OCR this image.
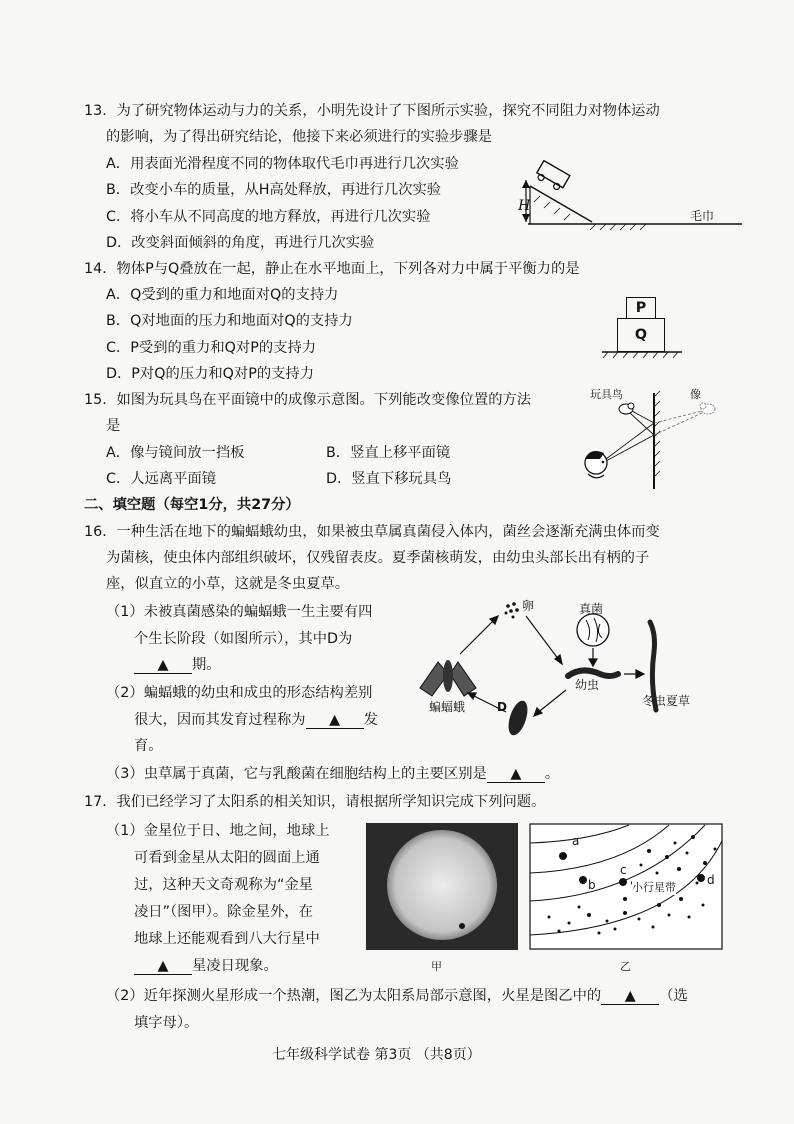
13．为了研究物体运动与力的关系，小明先设计了下图所示实验，探究不同阻力对物体运动
的影响，为了得出研究结论，他接下来必须进行的实验步骤是
A．用表面光滑程度不同的物体取代毛巾再进行几次实验
B．改变小车的质量，从H高处释放，再进行几次实验
C．将小车从不同高度的地方释放，再进行几次实验
D．改变斜面倾斜的角度，再进行几次实验
H
毛巾
14．物体P与Q叠放在一起，静止在水平地面上，下列各对力中属于平衡力的是
A．Q受到的重力和地面对Q的支持力
B．Q对地面的压力和地面对Q的支持力
C．P受到的重力和Q对P的支持力
D．P对Q的压力和Q对P的支持力
P
Q
15．如图为玩具鸟在平面镜中的成像示意图。下列能改变像位置的方法
是
A．像与镜间放一挡板	B．竖直上移平面镜
C．人远离平面镜	D．竖直下移玩具鸟
玩具鸟	像
二、填空题（每空1分，共27分）
16．一种生活在地下的蝙蝠蛾幼虫，如果被虫草属真菌侵入体内，菌丝会逐渐充满虫体而变
为菌核，使虫体内部组织破坏，仅残留表皮。夏季菌核萌发，由幼虫头部长出有柄的子
座，似直立的小草，这就是冬虫夏草。
（1）未被真菌感染的蝙蝠蛾一生主要有四
个生长阶段（如图所示），其中D为
▲ 期。
（2）蝙蝠蛾的幼虫和成虫的形态结构差别
很大，因而其发育过程称为 ▲ 发
育。
（3）虫草属于真菌，它与乳酸菌在细胞结构上的主要区别是 ▲ 。
卵	真菌
幼虫
蝙蝠蛾	D	冬虫夏草
17．我们已经学习了太阳系的相关知识，请根据所学知识完成下列问题。
（1）金星位于日、地之间，地球上
可看到金星从太阳的圆面上通
过，这种天文奇观称为“金星
凌日”（图甲）。除金星外，在
地球上还能观看到八大行星中
▲ 星凌日现象。	甲
a
b
c
d
小行星带
乙
（2）近年探测火星形成一个热潮，图乙为太阳系局部示意图，火星是图乙中的 ▲ （选
填字母）。
七年级科学试卷 第3页 （共8页）
